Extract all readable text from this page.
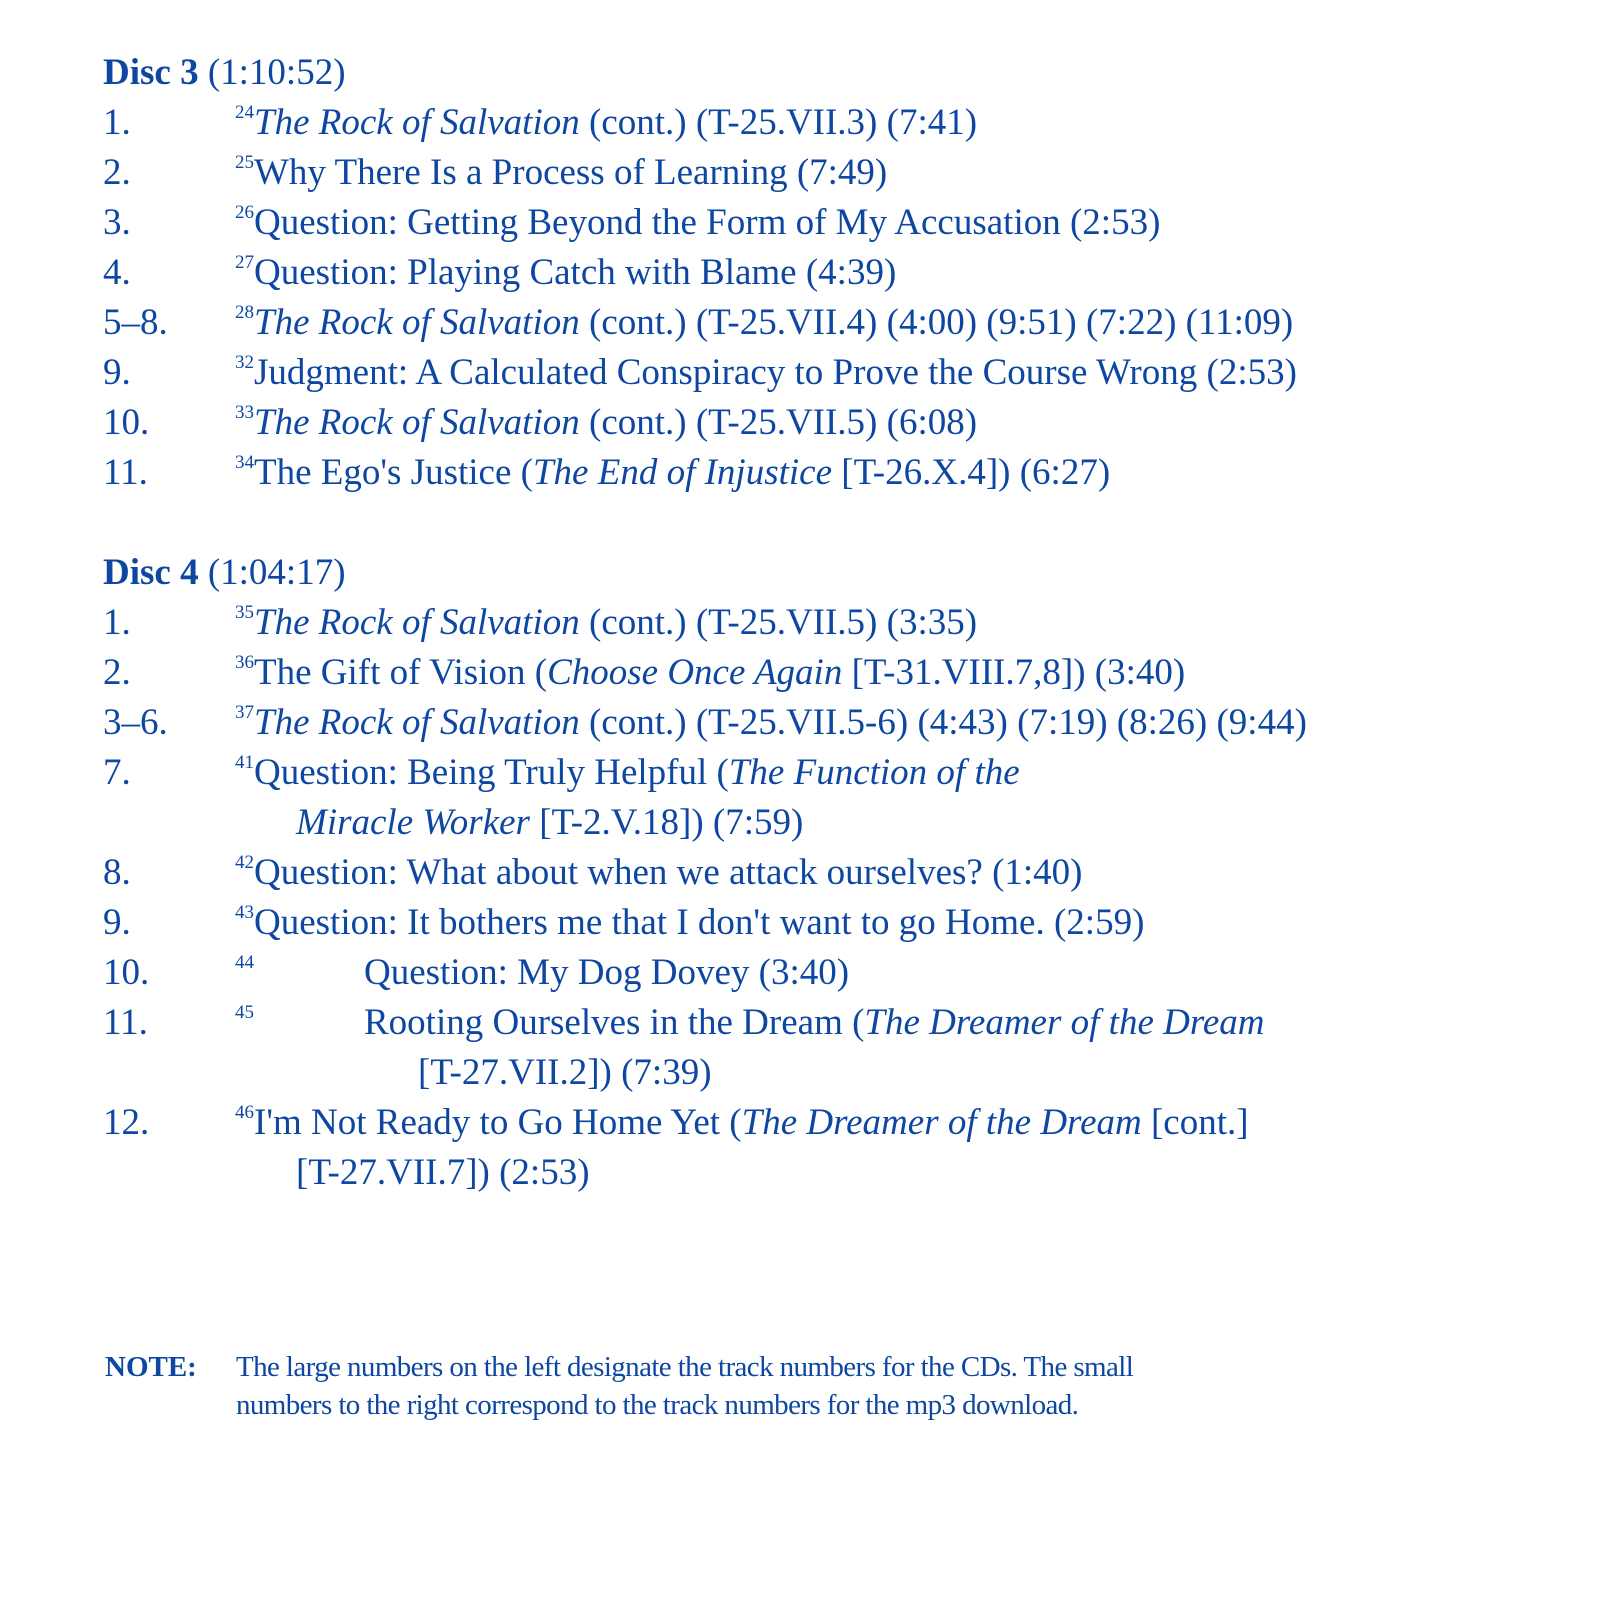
Disc 3 (1:10:52)
1.	$^{24}$The Rock of Salvation (cont.) (T-25.VII.3) (7:41)
2.	$^{25}$Why There Is a Process of Learning (7:49)
3.	$^{26}$Question: Getting Beyond the Form of My Accusation (2:53)
4.	$^{27}$Question: Playing Catch with Blame (4:39)
5–8.	$^{28}$The Rock of Salvation (cont.) (T-25.VII.4) (4:00) (9:51) (7:22) (11:09)
9.	$^{32}$Judgment: A Calculated Conspiracy to Prove the Course Wrong (2:53)
10.	$^{33}$The Rock of Salvation (cont.) (T-25.VII.5) (6:08)
11.	$^{34}$The Ego's Justice (The End of Injustice [T-26.X.4]) (6:27)
Disc 4 (1:04:17)
1.	$^{35}$The Rock of Salvation (cont.) (T-25.VII.5) (3:35)
2.	$^{36}$The Gift of Vision (Choose Once Again [T-31.VIII.7,8]) (3:40)
3–6.	$^{37}$The Rock of Salvation (cont.) (T-25.VII.5-6) (4:43) (7:19) (8:26) (9:44)
7.	$^{41}$Question: Being Truly Helpful (The Function of the
Miracle Worker [T-2.V.18]) (7:59)
8.	$^{42}$Question: What about when we attack ourselves? (1:40)
9.	$^{43}$Question: It bothers me that I don't want to go Home. (2:59)
10.	$^{44}$	Question: My Dog Dovey (3:40)
11.	$^{45}$	Rooting Ourselves in the Dream (The Dreamer of the Dream
[T-27.VII.2]) (7:39)
12.	$^{46}$I'm Not Ready to Go Home Yet (The Dreamer of the Dream [cont.]
[T-27.VII.7]) (2:53)
NOTE: The large numbers on the left designate the track numbers for the CDs. The small
numbers to the right correspond to the track numbers for the mp3 download.
